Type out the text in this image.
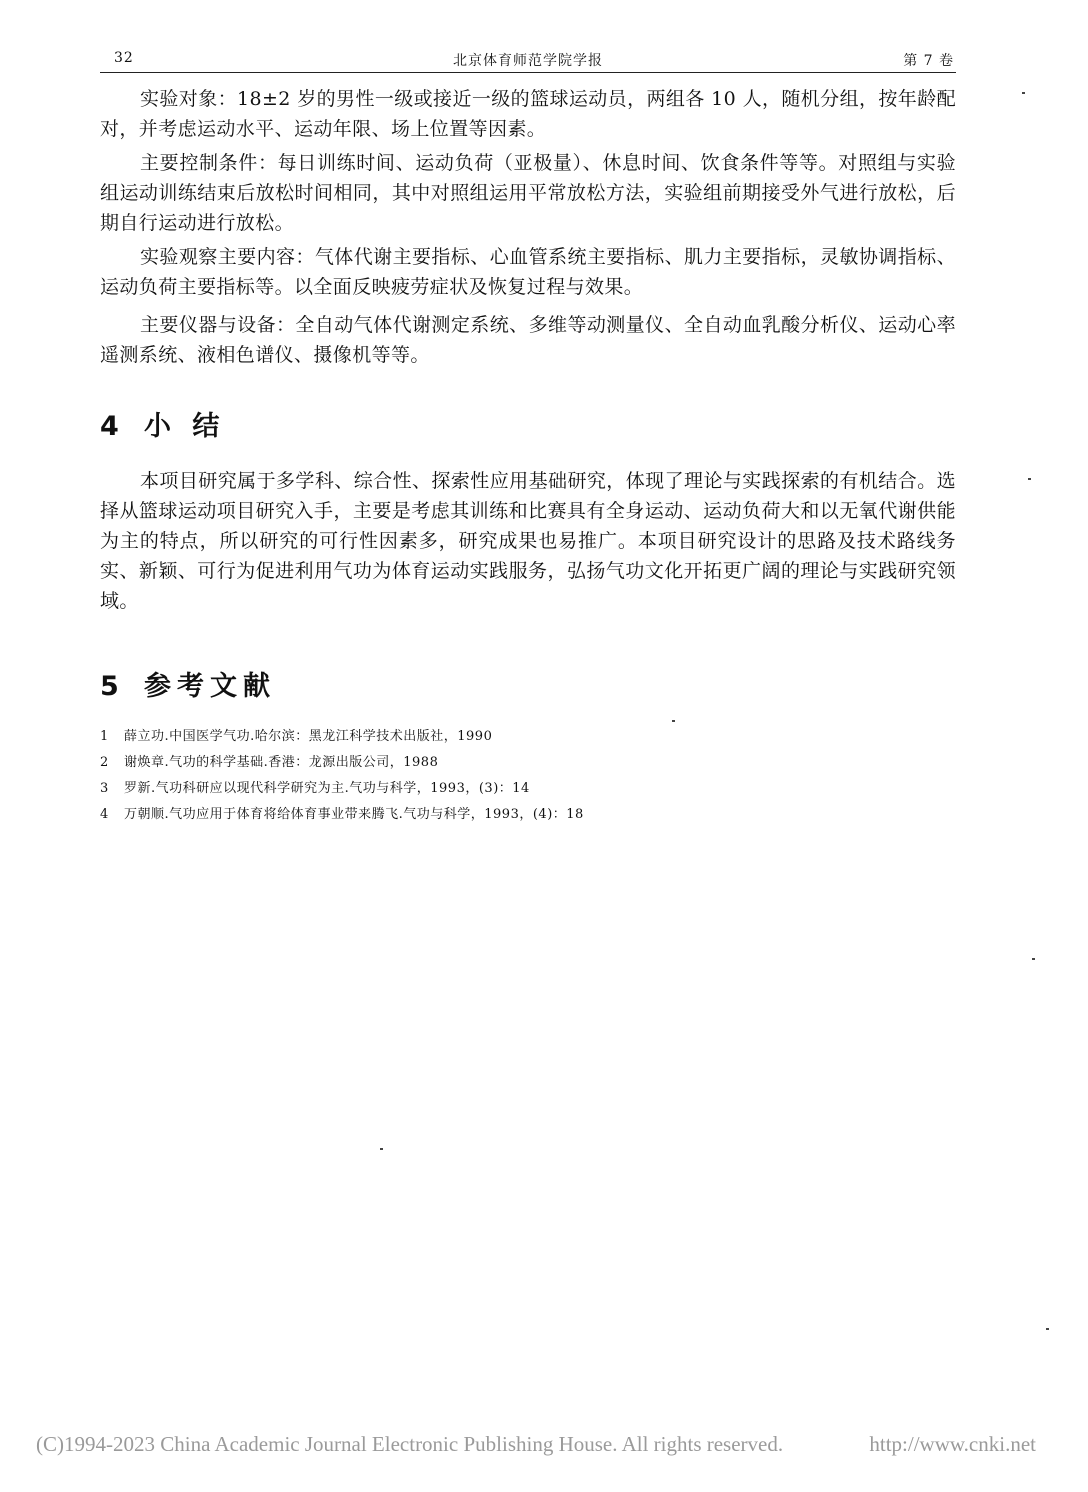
32	北京体育师范学院学报	第 7 卷

实验对象：18±2 岁的男性一级或接近一级的篮球运动员，两组各 10 人，随机分组，按年龄配对，并考虑运动水平、运动年限、场上位置等因素。

主要控制条件：每日训练时间、运动负荷（亚极量）、休息时间、饮食条件等等。对照组与实验组运动训练结束后放松时间相同，其中对照组运用平常放松方法，实验组前期接受外气进行放松，后期自行运动进行放松。

实验观察主要内容：气体代谢主要指标、心血管系统主要指标、肌力主要指标，灵敏协调指标、运动负荷主要指标等。以全面反映疲劳症状及恢复过程与效果。

主要仪器与设备：全自动气体代谢测定系统、多维等动测量仪、全自动血乳酸分析仪、运动心率遥测系统、液相色谱仪、摄像机等等。

4 小 结

本项目研究属于多学科、综合性、探索性应用基础研究，体现了理论与实践探索的有机结合。选择从篮球运动项目研究入手，主要是考虑其训练和比赛具有全身运动、运动负荷大和以无氧代谢供能为主的特点，所以研究的可行性因素多，研究成果也易推广。本项目研究设计的思路及技术路线务实、新颖、可行为促进利用气功为体育运动实践服务，弘扬气功文化开拓更广阔的理论与实践研究领域。

5 参考文献
1 薛立功.中国医学气功.哈尔滨：黑龙江科学技术出版社，1990
2 谢焕章.气功的科学基础.香港：龙源出版公司，1988
3 罗新.气功科研应以现代科学研究为主.气功与科学，1993，(3)：14
4 万朝顺.气功应用于体育将给体育事业带来腾飞.气功与科学，1993，(4)：18
(C)1994-2023 China Academic Journal Electronic Publishing House. All rights reserved.	http://www.cnki.net
